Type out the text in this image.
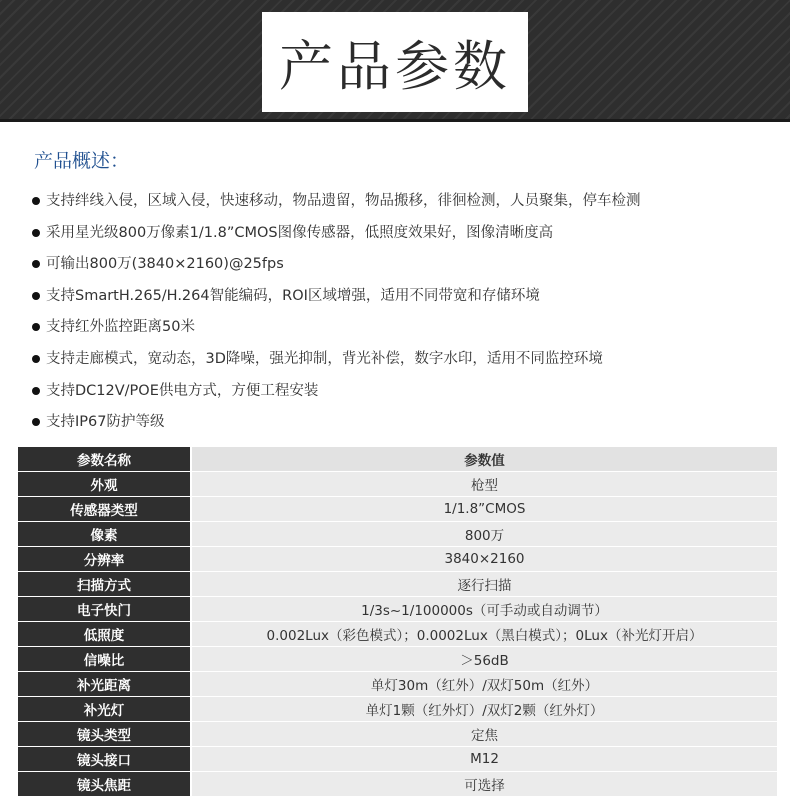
产品参数
产品概述：
支持绊线入侵，区域入侵，快速移动，物品遗留，物品搬移，徘徊检测，人员聚集，停车检测
采用星光级800万像素1/1.8”CMOS图像传感器，低照度效果好，图像清晰度高
可输出800万(3840×2160)@25fps
支持SmartH.265/H.264智能编码，ROI区域增强，适用不同带宽和存储环境
支持红外监控距离50米
支持走廊模式，宽动态，3D降噪，强光抑制，背光补偿，数字水印，适用不同监控环境
支持DC12V/POE供电方式，方便工程安装
支持IP67防护等级
参数名称	参数值
外观	枪型
传感器类型	1/1.8”CMOS
像素	800万
分辨率	3840×2160
扫描方式	逐行扫描
电子快门	1/3s~1/100000s（可手动或自动调节）
低照度	0.002Lux（彩色模式）；0.0002Lux（黑白模式）；0Lux（补光灯开启）
信噪比	＞56dB
补光距离	单灯30m（红外）/双灯50m（红外）
补光灯	单灯1颗（红外灯）/双灯2颗（红外灯）
镜头类型	定焦
镜头接口	M12
镜头焦距	可选择
